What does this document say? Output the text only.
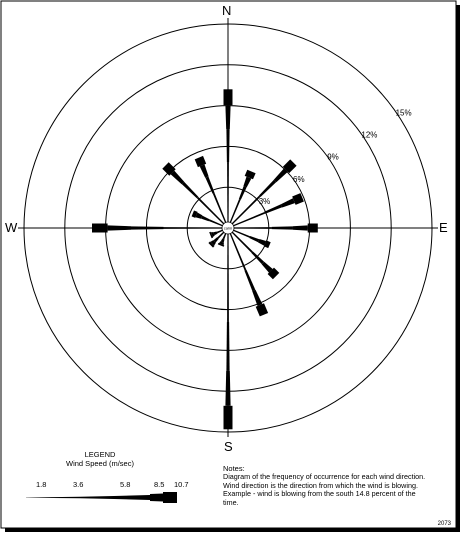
calm
3%
6%
9%
12%
15%
N
S
E
W
LEGEND
Wind Speed (m/sec)
1.8	3.6	5.8	8.5 10.7
Notes:
Diagram of the frequency of occurrence for each wind direction. Wind direction is the direction from which the wind is blowing. Example - wind is blowing from the south 14.8 percent of the time.
2073
